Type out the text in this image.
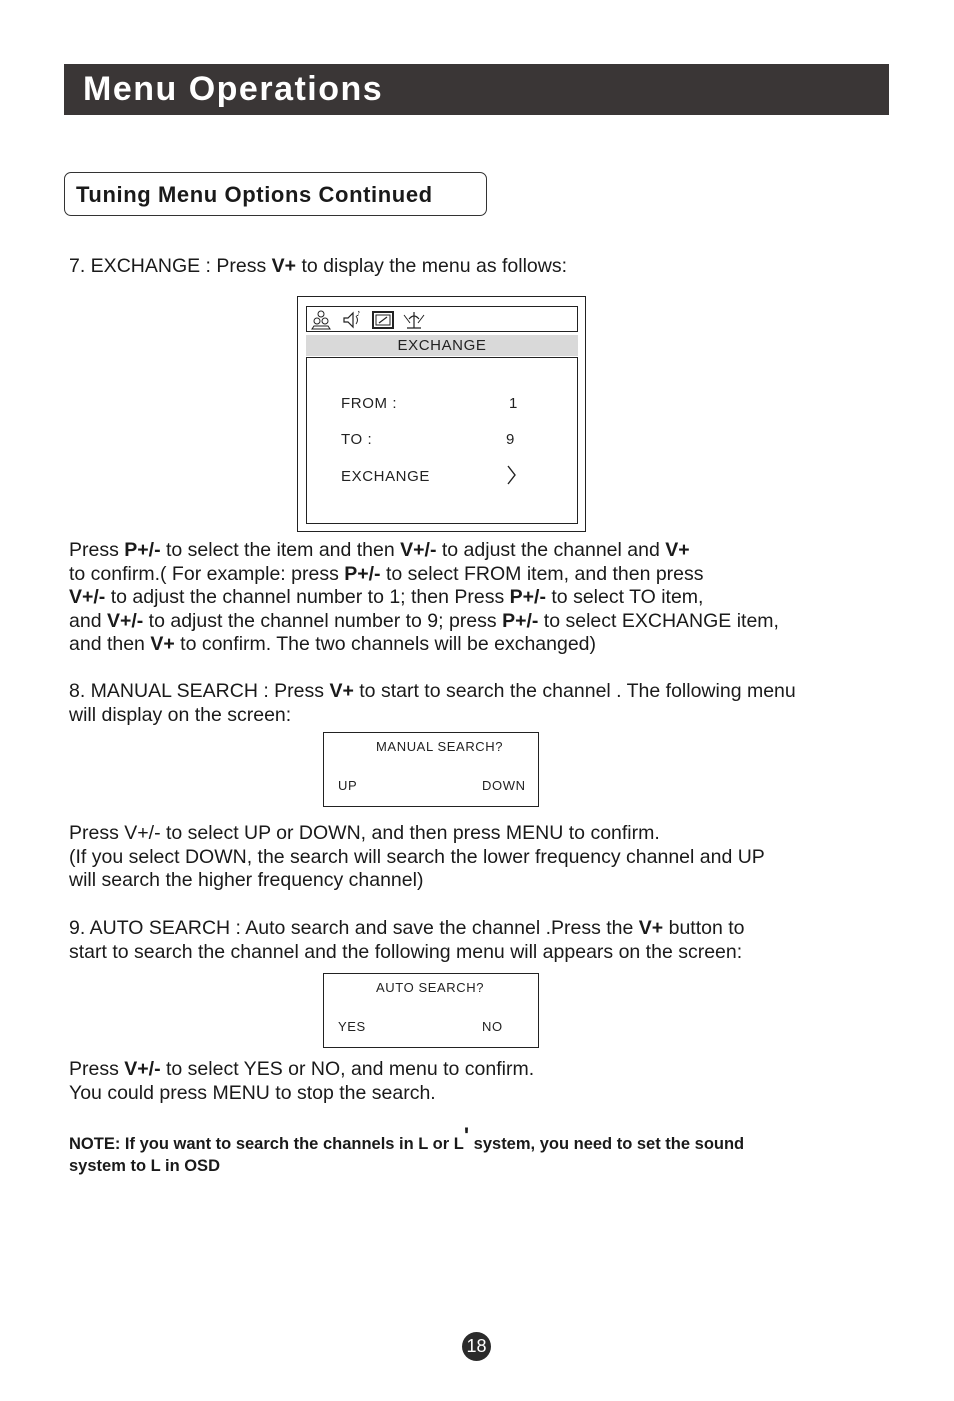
Menu Operations
Tuning Menu Options Continued
7. EXCHANGE : Press V+ to display the menu as follows:
♪
EXCHANGE
FROM :	1
TO :	9
EXCHANGE
Press P+/- to select the item and then V+/- to adjust the channel and V+
to confirm.( For example: press P+/- to select FROM item, and then press
V+/- to adjust the channel number to 1; then Press P+/- to select TO item,
and V+/- to adjust the channel number to 9; press P+/- to select EXCHANGE item,
and then V+ to confirm. The two channels will be exchanged)
8. MANUAL SEARCH : Press V+ to start to search the channel . The following menu
will display on the screen:
MANUAL SEARCH?
UP	DOWN
Press V+/- to select UP or DOWN, and then press MENU to confirm.
(If you select DOWN, the search will search the lower frequency channel and UP
will search the higher frequency channel)
9. AUTO SEARCH : Auto search and save the channel .Press the V+ button to
start to search the channel and the following menu will appears on the screen:
AUTO SEARCH?
YES	NO
Press V+/- to select YES or NO, and menu to confirm.
You could press MENU to stop the search.
NOTE: If you want to search the channels in L or L' system, you need to set the sound
system to L in OSD
18
